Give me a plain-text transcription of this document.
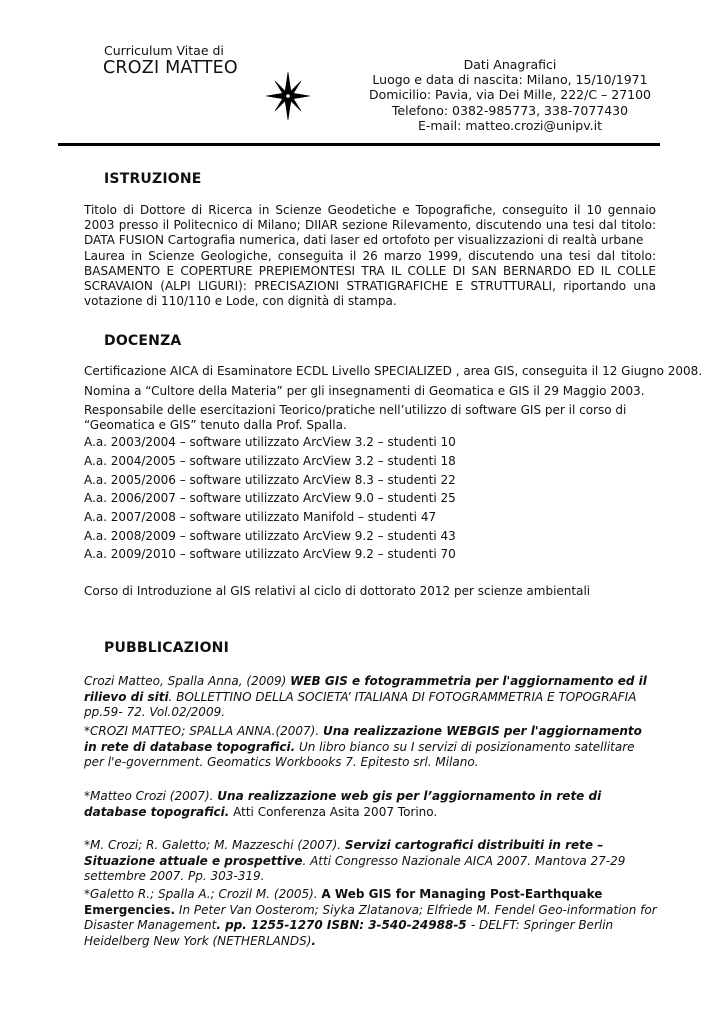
Curriculum Vitae di
CROZI MATTEO	Dati Anagrafici
Luogo e data di nascita: Milano, 15/10/1971
Domicilio: Pavia, via Dei Mille, 222/C – 27100
Telefono: 0382-985773, 338-7077430
E-mail: matteo.crozi@unipv.it
ISTRUZIONE
Titolo di Dottore di Ricerca in Scienze Geodetiche e Topografiche, conseguito il 10 gennaio 2003 presso il Politecnico di Milano; DIIAR sezione Rilevamento, discutendo una tesi dal titolo: DATA FUSION Cartografia numerica, dati laser ed ortofoto per visualizzazioni di realtà urbane
Laurea in Scienze Geologiche, conseguita il 26 marzo 1999, discutendo una tesi dal titolo: BASAMENTO E COPERTURE PREPIEMONTESI TRA IL COLLE DI SAN BERNARDO ED IL COLLE SCRAVAION (ALPI LIGURI): PRECISAZIONI STRATIGRAFICHE E STRUTTURALI, riportando una votazione di 110/110 e Lode, con dignità di stampa.
DOCENZA
Certificazione AICA di Esaminatore ECDL Livello SPECIALIZED , area GIS, conseguita il 12 Giugno 2008.
Nomina a “Cultore della Materia” per gli insegnamenti di Geomatica e GIS il 29 Maggio 2003.
Responsabile delle esercitazioni Teorico/pratiche nell’utilizzo di software GIS per il corso di “Geomatica e GIS” tenuto dalla Prof. Spalla.
A.a. 2003/2004 – software utilizzato ArcView 3.2 – studenti 10
A.a. 2004/2005 – software utilizzato ArcView 3.2 – studenti 18
A.a. 2005/2006 – software utilizzato ArcView 8.3 – studenti 22
A.a. 2006/2007 – software utilizzato ArcView 9.0 – studenti 25
A.a. 2007/2008 – software utilizzato Manifold – studenti 47
A.a. 2008/2009 – software utilizzato ArcView 9.2 – studenti 43
A.a. 2009/2010 – software utilizzato ArcView 9.2 – studenti 70
Corso di Introduzione al GIS relativi al ciclo di dottorato 2012 per scienze ambientali
PUBBLICAZIONI
Crozi Matteo, Spalla Anna, (2009) WEB GIS e fotogrammetria per l'aggiornamento ed il rilievo di siti. BOLLETTINO DELLA SOCIETA’ ITALIANA DI FOTOGRAMMETRIA E TOPOGRAFIA pp.59- 72. Vol.02/2009.
*CROZI MATTEO; SPALLA ANNA.(2007). Una realizzazione WEBGIS per l'aggiornamento in rete di database topografici. Un libro bianco su I servizi di posizionamento satellitare per l'e-government. Geomatics Workbooks 7. Epitesto srl. Milano.
*Matteo Crozi (2007). Una realizzazione web gis per l’aggiornamento in rete di database topografici. Atti Conferenza Asita 2007 Torino.
*M. Crozi; R. Galetto; M. Mazzeschi (2007). Servizi cartografici distribuiti in rete – Situazione attuale e prospettive. Atti Congresso Nazionale AICA 2007. Mantova 27-29 settembre 2007. Pp. 303-319.
*Galetto R.; Spalla A.; Crozil M. (2005). A Web GIS for Managing Post-Earthquake Emergencies. In Peter Van Oosterom; Siyka Zlatanova; Elfriede M. Fendel Geo-information for Disaster Management. pp. 1255-1270 ISBN: 3-540-24988-5 - DELFT: Springer Berlin Heidelberg New York (NETHERLANDS).
